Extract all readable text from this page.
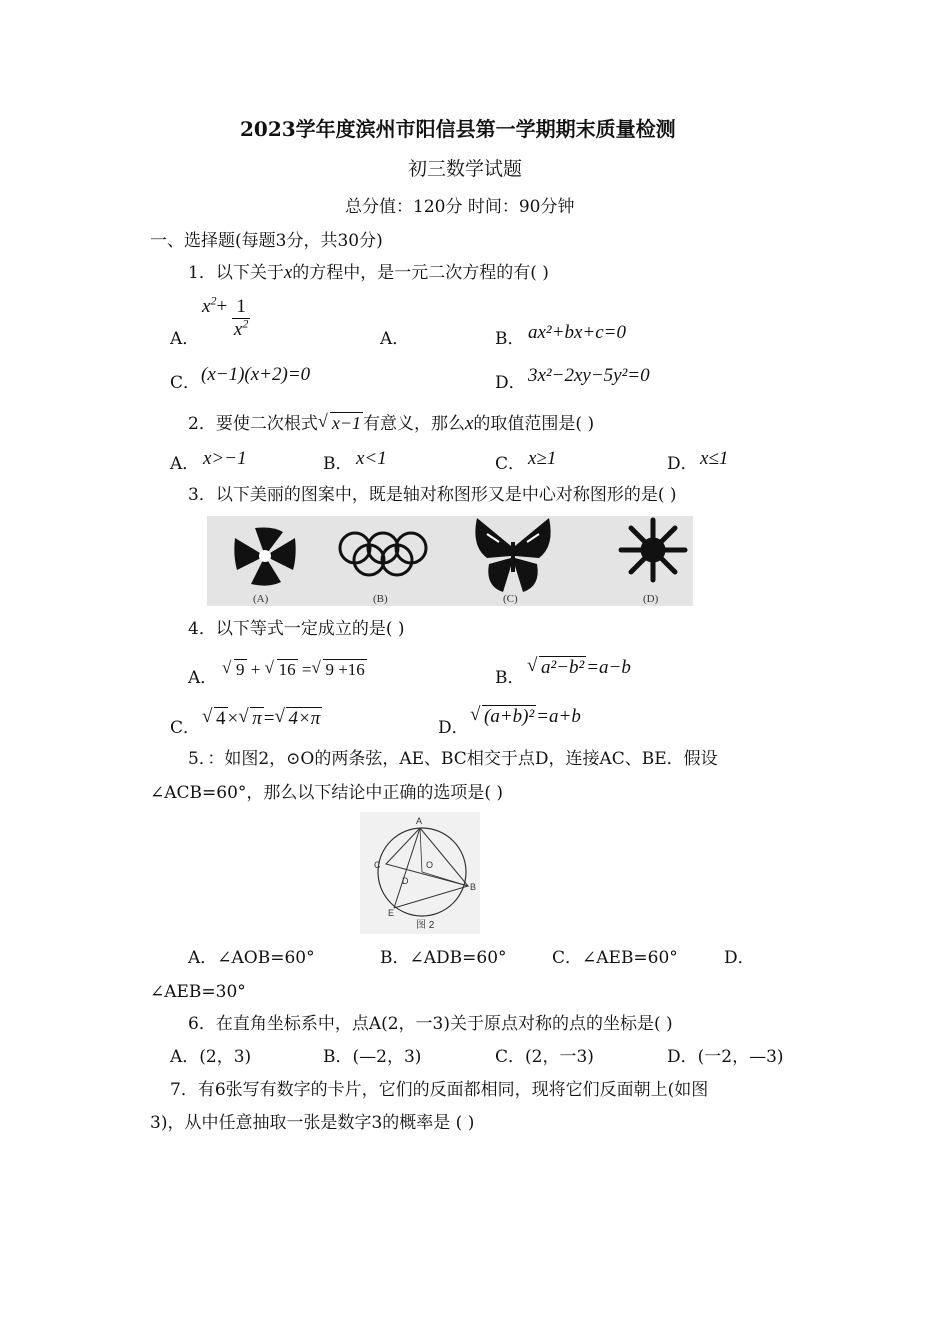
2023学年度滨州市阳信县第一学期期末质量检测
初三数学试题
总分值：120分 时间：90分钟
一、选择题(每题3分，共30分)
1．以下关于x的方程中，是一元二次方程的有( )
A．
$x^2+ \frac{1}{x^2}$	A．	B． ax²+bx+c=0
C． (x−1)(x+2)=0	D． 3x²−2xy−5y²=0
2．要使二次根式 √ x−1 有意义，那么x的取值范围是( )
A． x>−1	B． x<1	C． x≥1	D． x≤1
3．以下美丽的图案中，既是轴对称图形又是中心对称图形的是( )
(A)	(B)	(C)	(D)
4．以下等式一定成立的是( )
A．	√ 9 + √ 16 = √ 9 +16	B． √ a²−b² =a−b
C． √ 4 × √ π = √ 4×π	D．
√ (a+b)² =a+b
5．：如图2，⊙O的两条弦，AE、BC相交于点D，连接AC、BE．假设
∠ACB=60°，那么以下结论中正确的选项是( )
A
B
C
D
E
O
图 2
A．∠AOB=60°	B．∠ADB=60°	C．∠AEB=60°	D．
∠AEB=30°
6．在直角坐标系中，点A(2，一3)关于原点对称的点的坐标是( )
A．(2，3)	B．(—2，3)	C．(2，一3)	D．(一2，—3)
7．有6张写有数字的卡片，它们的反面都相同，现将它们反面朝上(如图
3)，从中任意抽取一张是数字3的概率是 ( )
